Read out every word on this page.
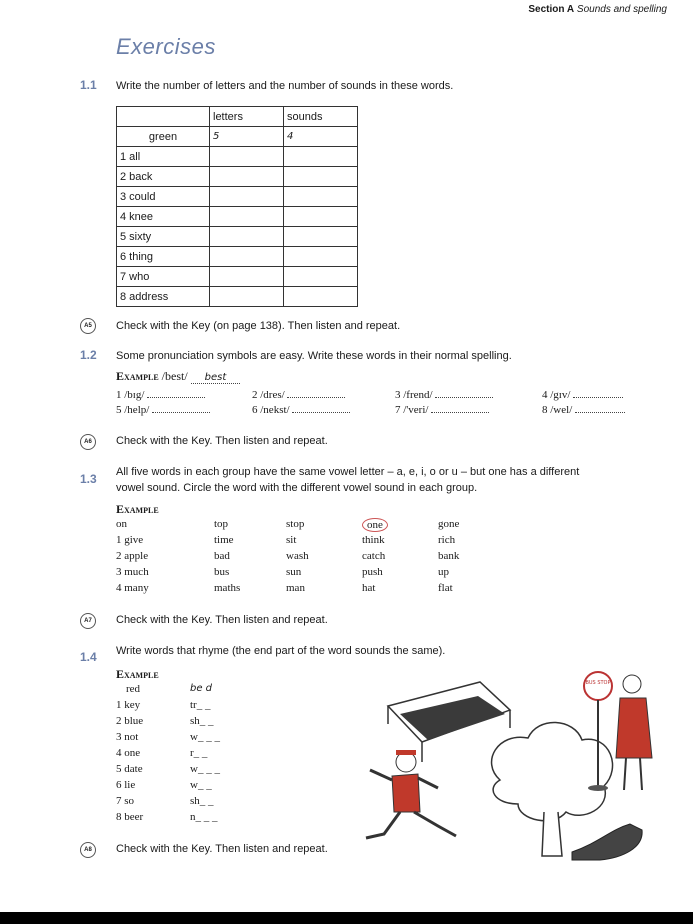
Section A Sounds and spelling
Exercises
1.1 Write the number of letters and the number of sounds in these words.
	letters	sounds
green	5	4
1 all		
2 back		
3 could		
4 knee		
5 sixty		
6 thing		
7 who		
8 address		
A5	Check with the Key (on page 138). Then listen and repeat.
1.2 Some pronunciation symbols are easy. Write these words in their normal spelling.
Example /best/ best
1 /bɪg/	2 /dres/	3 /frend/	4 /gɪv/
5 /help/	6 /nekst/	7 /'veri/	8 /wel/
A6	Check with the Key. Then listen and repeat.
1.3 All five words in each group have the same vowel letter – a, e, i, o or u – but one has a different
vowel sound. Circle the word with the different vowel sound in each group.
Example
on	top	stop	one	gone
1 give	time	sit	think	rich
2 apple	bad	wash	catch	bank
3 much	bus	sun	push	up
4 many	maths	man	hat	flat
A7	Check with the Key. Then listen and repeat.
1.4 Write words that rhyme (the end part of the word sounds the same).
Example
red	be d
1 key	tr_ _
2 blue	sh_ _
3 not	w_ _ _
4 one	r_ _
5 date	w_ _ _
6 lie	w_ _
7 so	sh_ _
8 beer	n_ _ _
A8	Check with the Key. Then listen and repeat.
BUS STOP
